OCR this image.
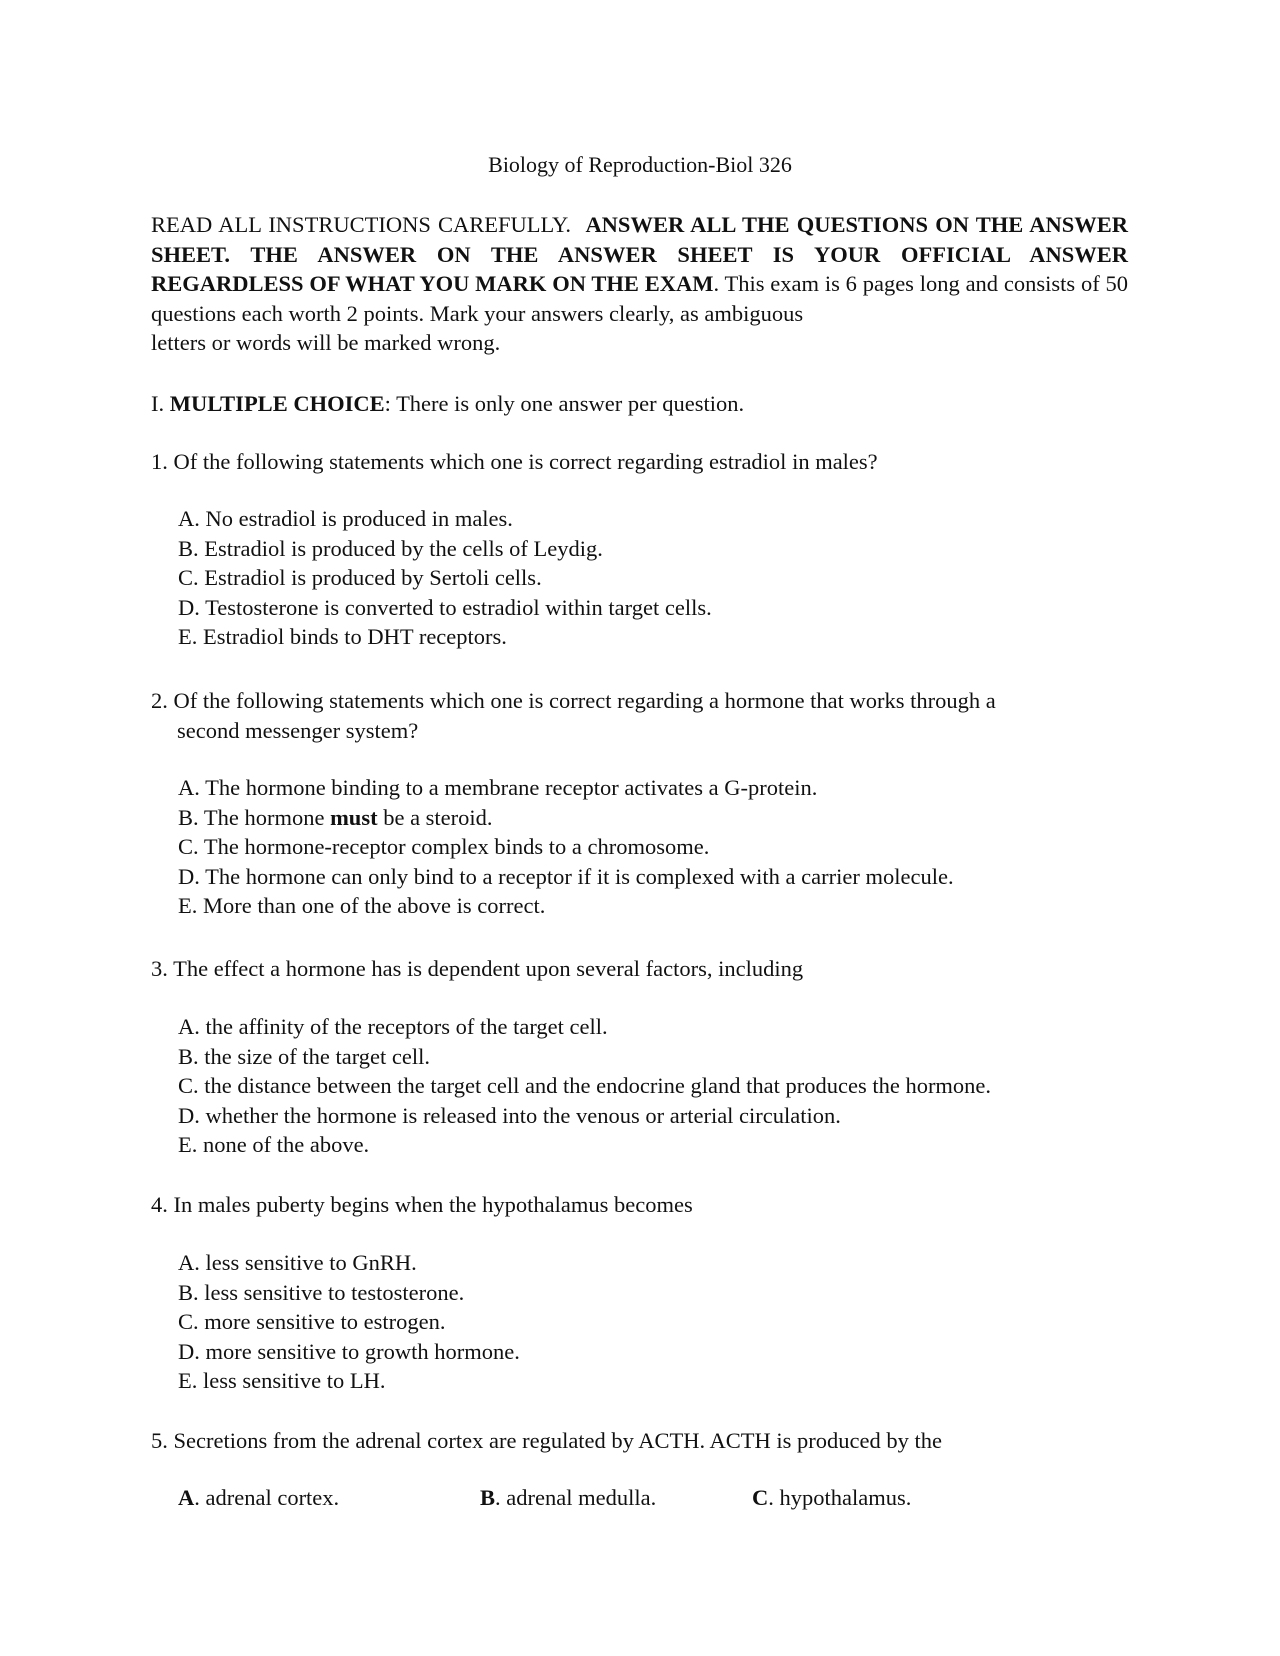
Biology of Reproduction-Biol 326
READ ALL INSTRUCTIONS CAREFULLY. ANSWER ALL THE QUESTIONS ON THE ANSWER SHEET. THE ANSWER ON THE ANSWER SHEET IS YOUR OFFICIAL ANSWER REGARDLESS OF WHAT YOU MARK ON THE EXAM. This exam is 6 pages long and consists of 50 questions each worth 2 points. Mark your answers clearly, as ambiguous
letters or words will be marked wrong.
I. MULTIPLE CHOICE: There is only one answer per question.
1. Of the following statements which one is correct regarding estradiol in males?
A. No estradiol is produced in males.
B. Estradiol is produced by the cells of Leydig.
C. Estradiol is produced by Sertoli cells.
D. Testosterone is converted to estradiol within target cells.
E. Estradiol binds to DHT receptors.
2. Of the following statements which one is correct regarding a hormone that works through a
second messenger system?
A. The hormone binding to a membrane receptor activates a G-protein.
B. The hormone must be a steroid.
C. The hormone-receptor complex binds to a chromosome.
D. The hormone can only bind to a receptor if it is complexed with a carrier molecule.
E. More than one of the above is correct.
3. The effect a hormone has is dependent upon several factors, including
A. the affinity of the receptors of the target cell.
B. the size of the target cell.
C. the distance between the target cell and the endocrine gland that produces the hormone.
D. whether the hormone is released into the venous or arterial circulation.
E. none of the above.
4. In males puberty begins when the hypothalamus becomes
A. less sensitive to GnRH.
B. less sensitive to testosterone.
C. more sensitive to estrogen.
D. more sensitive to growth hormone.
E. less sensitive to LH.
5. Secretions from the adrenal cortex are regulated by ACTH. ACTH is produced by the
A. adrenal cortex.	B. adrenal medulla.	C. hypothalamus.
